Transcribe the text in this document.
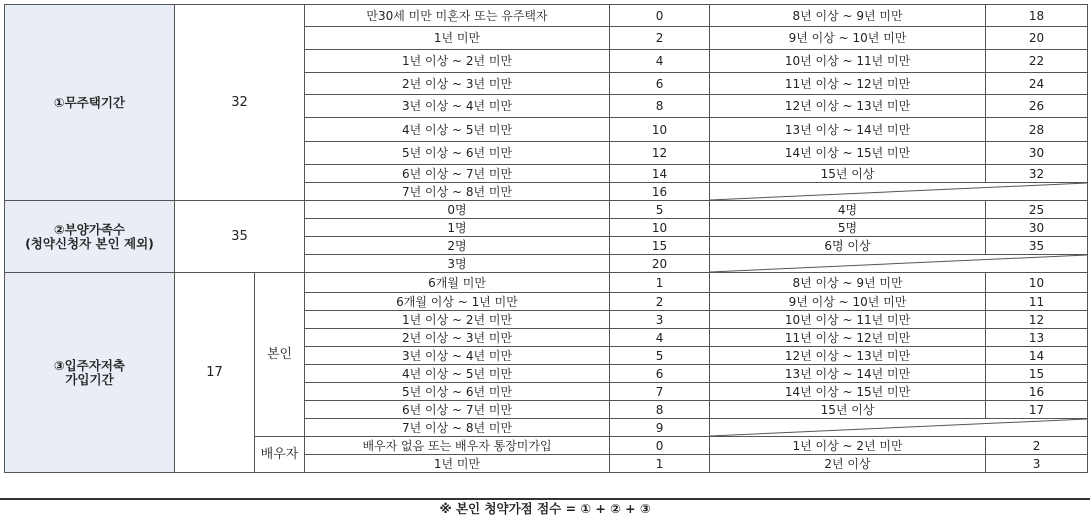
①무주택기간	32		만30세 미만 미혼자 또는 유주택자	0	8년 이상 ~ 9년 미만	18
			1년 미만	2	9년 이상 ~ 10년 미만	20
			1년 이상 ~ 2년 미만	4	10년 이상 ~ 11년 미만	22
			2년 이상 ~ 3년 미만	6	11년 이상 ~ 12년 미만	24
			3년 이상 ~ 4년 미만	8	12년 이상 ~ 13년 미만	26
			4년 이상 ~ 5년 미만	10	13년 이상 ~ 14년 미만	28
			5년 이상 ~ 6년 미만	12	14년 이상 ~ 15년 미만	30
			6년 이상 ~ 7년 미만	14	15년 이상	32
			7년 이상 ~ 8년 미만	16	

②부양가족수
(청약신청자 본인 제외)	35		0명	5	4명	25
			1명	10	5명	30
			2명	15	6명 이상	35
			3명	20	

③입주자저축
가입기간	17	본인	6개월 미만	1	8년 이상 ~ 9년 미만	10
			6개월 이상 ~ 1년 미만	2	9년 이상 ~ 10년 미만	11
			1년 이상 ~ 2년 미만	3	10년 이상 ~ 11년 미만	12
			2년 이상 ~ 3년 미만	4	11년 이상 ~ 12년 미만	13
			3년 이상 ~ 4년 미만	5	12년 이상 ~ 13년 미만	14
			4년 이상 ~ 5년 미만	6	13년 이상 ~ 14년 미만	15
			5년 이상 ~ 6년 미만	7	14년 이상 ~ 15년 미만	16
			6년 이상 ~ 7년 미만	8	15년 이상	17
			7년 이상 ~ 8년 미만	9	

		배우자	배우자 없음 또는 배우자 통장미가입	0	1년 이상 ~ 2년 미만	2
			1년 미만	1	2년 이상	3
※ 본인 청약가점 점수 = ① + ② + ③
